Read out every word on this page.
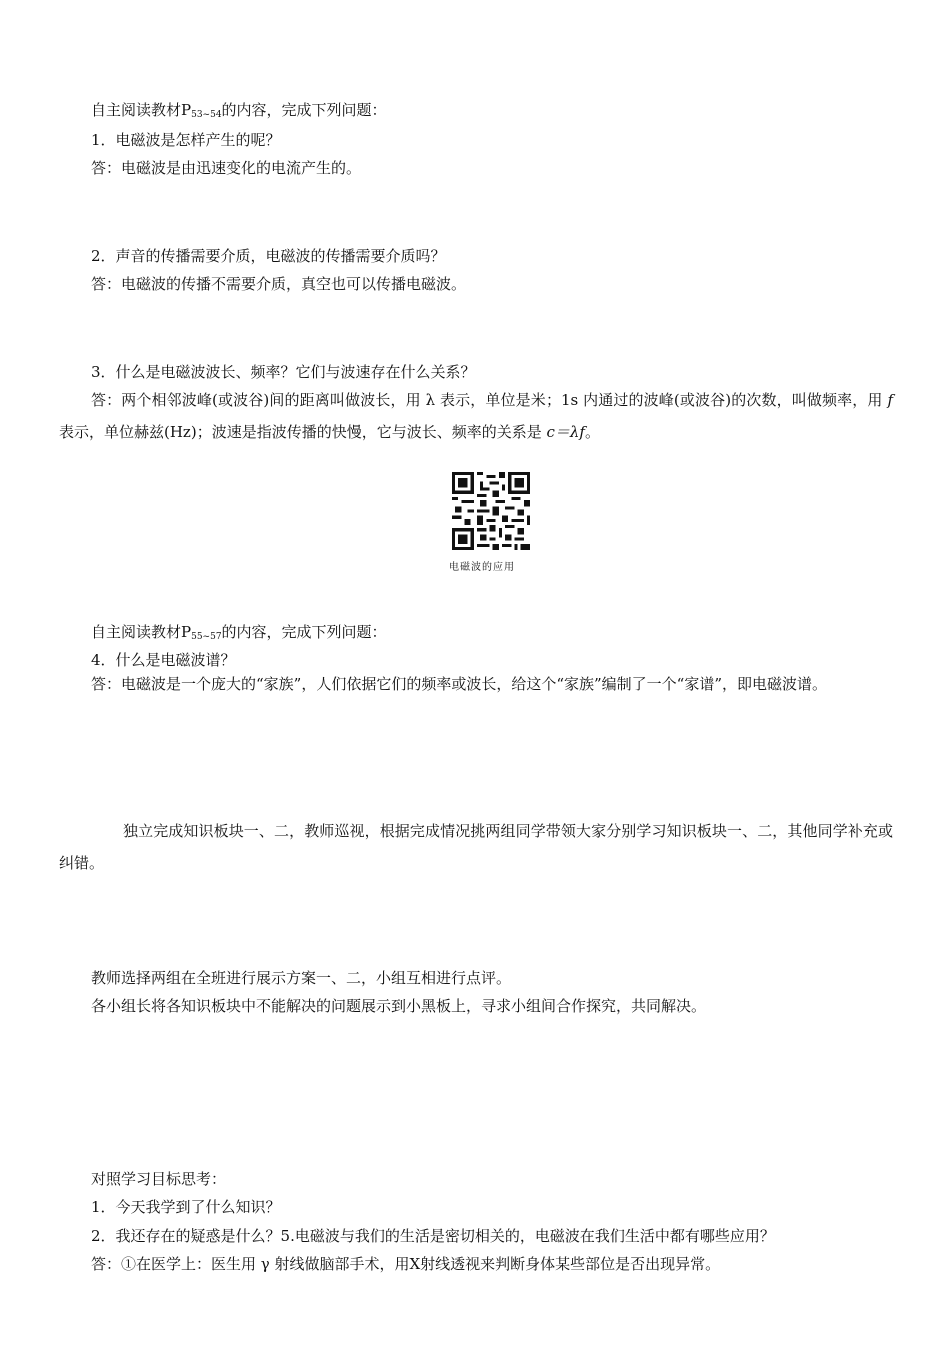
自主阅读教材$P_{53\sim 54}$的内容，完成下列问题：
1．电磁波是怎样产生的呢？
答：电磁波是由迅速变化的电流产生的。
2．声音的传播需要介质，电磁波的传播需要介质吗？
答：电磁波的传播不需要介质，真空也可以传播电磁波。
3．什么是电磁波波长、频率？它们与波速存在什么关系？
答：两个相邻波峰(或波谷)间的距离叫做波长，用 λ 表示，单位是米；1s 内通过的波峰(或波谷)的次数，叫做频率，用 f表示，单位赫兹(Hz)；波速是指波传播的快慢，它与波长、频率的关系是 c＝λf。
电磁波的应用
自主阅读教材$P_{55\sim 57}$的内容，完成下列问题：
4．什么是电磁波谱？
答：电磁波是一个庞大的“家族”，人们依据它们的频率或波长，给这个“家族”编制了一个“家谱”，即电磁波谱。
独立完成知识板块一、二，教师巡视，根据完成情况挑两组同学带领大家分别学习知识板块一、二，其他同学补充或纠错。
教师选择两组在全班进行展示方案一、二，小组互相进行点评。
各小组长将各知识板块中不能解决的问题展示到小黑板上，寻求小组间合作探究，共同解决。
对照学习目标思考：
1．今天我学到了什么知识？
2．我还存在的疑惑是什么？5.电磁波与我们的生活是密切相关的，电磁波在我们生活中都有哪些应用？
答：①在医学上：医生用 γ 射线做脑部手术，用X射线透视来判断身体某些部位是否出现异常。
